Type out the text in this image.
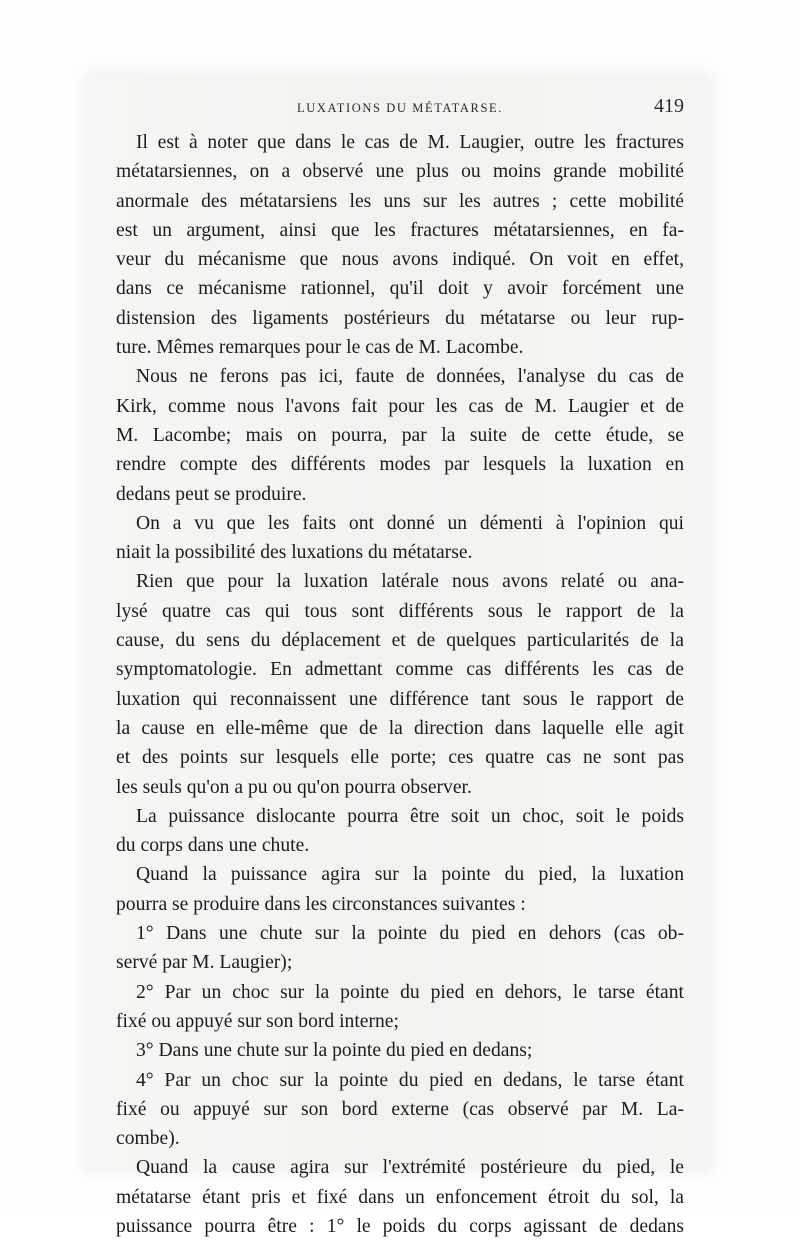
LUXATIONS DU MÉTATARSE.	419
Il est à noter que dans le cas de M. Laugier, outre les fractures
métatarsiennes, on a observé une plus ou moins grande mobilité
anormale des métatarsiens les uns sur les autres ; cette mobilité
est un argument, ainsi que les fractures métatarsiennes, en fa-
veur du mécanisme que nous avons indiqué. On voit en effet,
dans ce mécanisme rationnel, qu'il doit y avoir forcément une
distension des ligaments postérieurs du métatarse ou leur rup-
ture. Mêmes remarques pour le cas de M. Lacombe.
Nous ne ferons pas ici, faute de données, l'analyse du cas de
Kirk, comme nous l'avons fait pour les cas de M. Laugier et de
M. Lacombe; mais on pourra, par la suite de cette étude, se
rendre compte des différents modes par lesquels la luxation en
dedans peut se produire.
On a vu que les faits ont donné un démenti à l'opinion qui
niait la possibilité des luxations du métatarse.
Rien que pour la luxation latérale nous avons relaté ou ana-
lysé quatre cas qui tous sont différents sous le rapport de la
cause, du sens du déplacement et de quelques particularités de la
symptomatologie. En admettant comme cas différents les cas de
luxation qui reconnaissent une différence tant sous le rapport de
la cause en elle-même que de la direction dans laquelle elle agit
et des points sur lesquels elle porte; ces quatre cas ne sont pas
les seuls qu'on a pu ou qu'on pourra observer.
La puissance dislocante pourra être soit un choc, soit le poids
du corps dans une chute.
Quand la puissance agira sur la pointe du pied, la luxation
pourra se produire dans les circonstances suivantes :
1° Dans une chute sur la pointe du pied en dehors (cas ob-
servé par M. Laugier);
2° Par un choc sur la pointe du pied en dehors, le tarse étant
fixé ou appuyé sur son bord interne;
3° Dans une chute sur la pointe du pied en dedans;
4° Par un choc sur la pointe du pied en dedans, le tarse étant
fixé ou appuyé sur son bord externe (cas observé par M. La-
combe).
Quand la cause agira sur l'extrémité postérieure du pied, le
métatarse étant pris et fixé dans un enfoncement étroit du sol, la
puissance pourra être : 1° le poids du corps agissant de dedans
